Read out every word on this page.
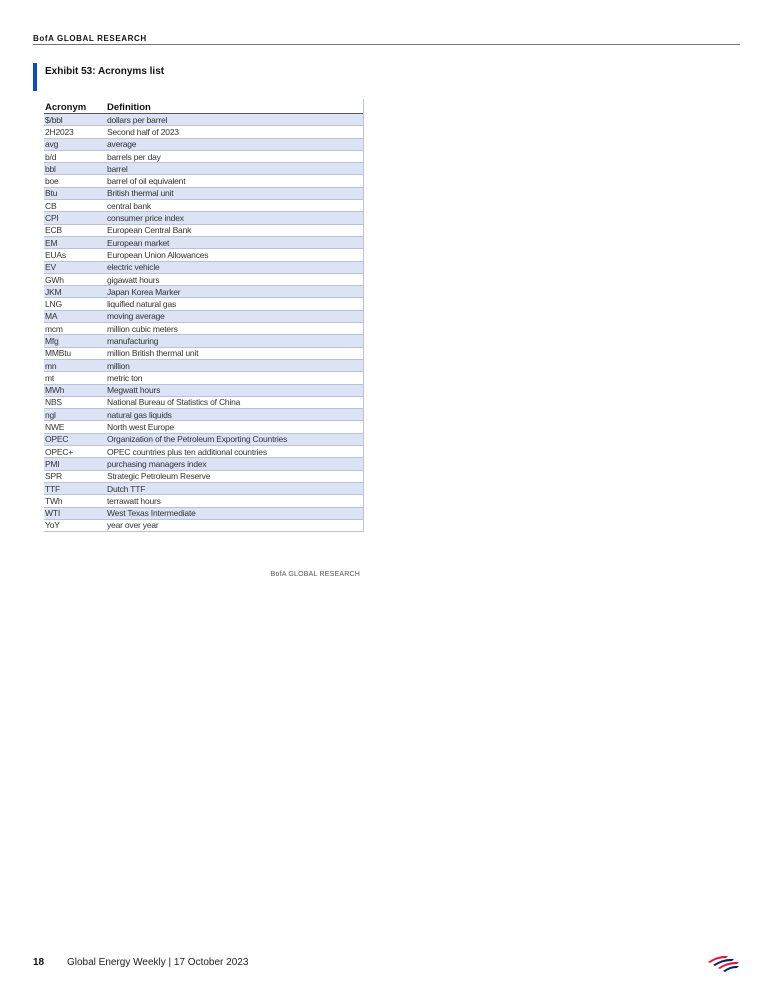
BofA GLOBAL RESEARCH
Exhibit 53: Acronyms list
Acronym	Definition
$/bbl	dollars per barrel
2H2023	Second half of 2023
avg	average
b/d	barrels per day
bbl	barrel
boe	barrel of oil equivalent
Btu	British thermal unit
CB	central bank
CPI	consumer price index
ECB	European Central Bank
EM	European market
EUAs	European Union Allowances
EV	electric vehicle
GWh	gigawatt hours
JKM	Japan Korea Marker
LNG	liquified natural gas
MA	moving average
mcm	million cubic meters
Mfg	manufacturing
MMBtu	million British thermal unit
mn	million
mt	metric ton
MWh	Megwatt hours
NBS	National Bureau of Statistics of China
ngl	natural gas liquids
NWE	North west Europe
OPEC	Organization of the Petroleum Exporting Countries
OPEC+	OPEC countries plus ten additional countries
PMI	purchasing managers index
SPR	Strategic Petroleum Reserve
TTF	Dutch TTF
TWh	terrawatt hours
WTI	West Texas Intermediate
YoY	year over year
BofA GLOBAL RESEARCH
18 Global Energy Weekly | 17 October 2023
